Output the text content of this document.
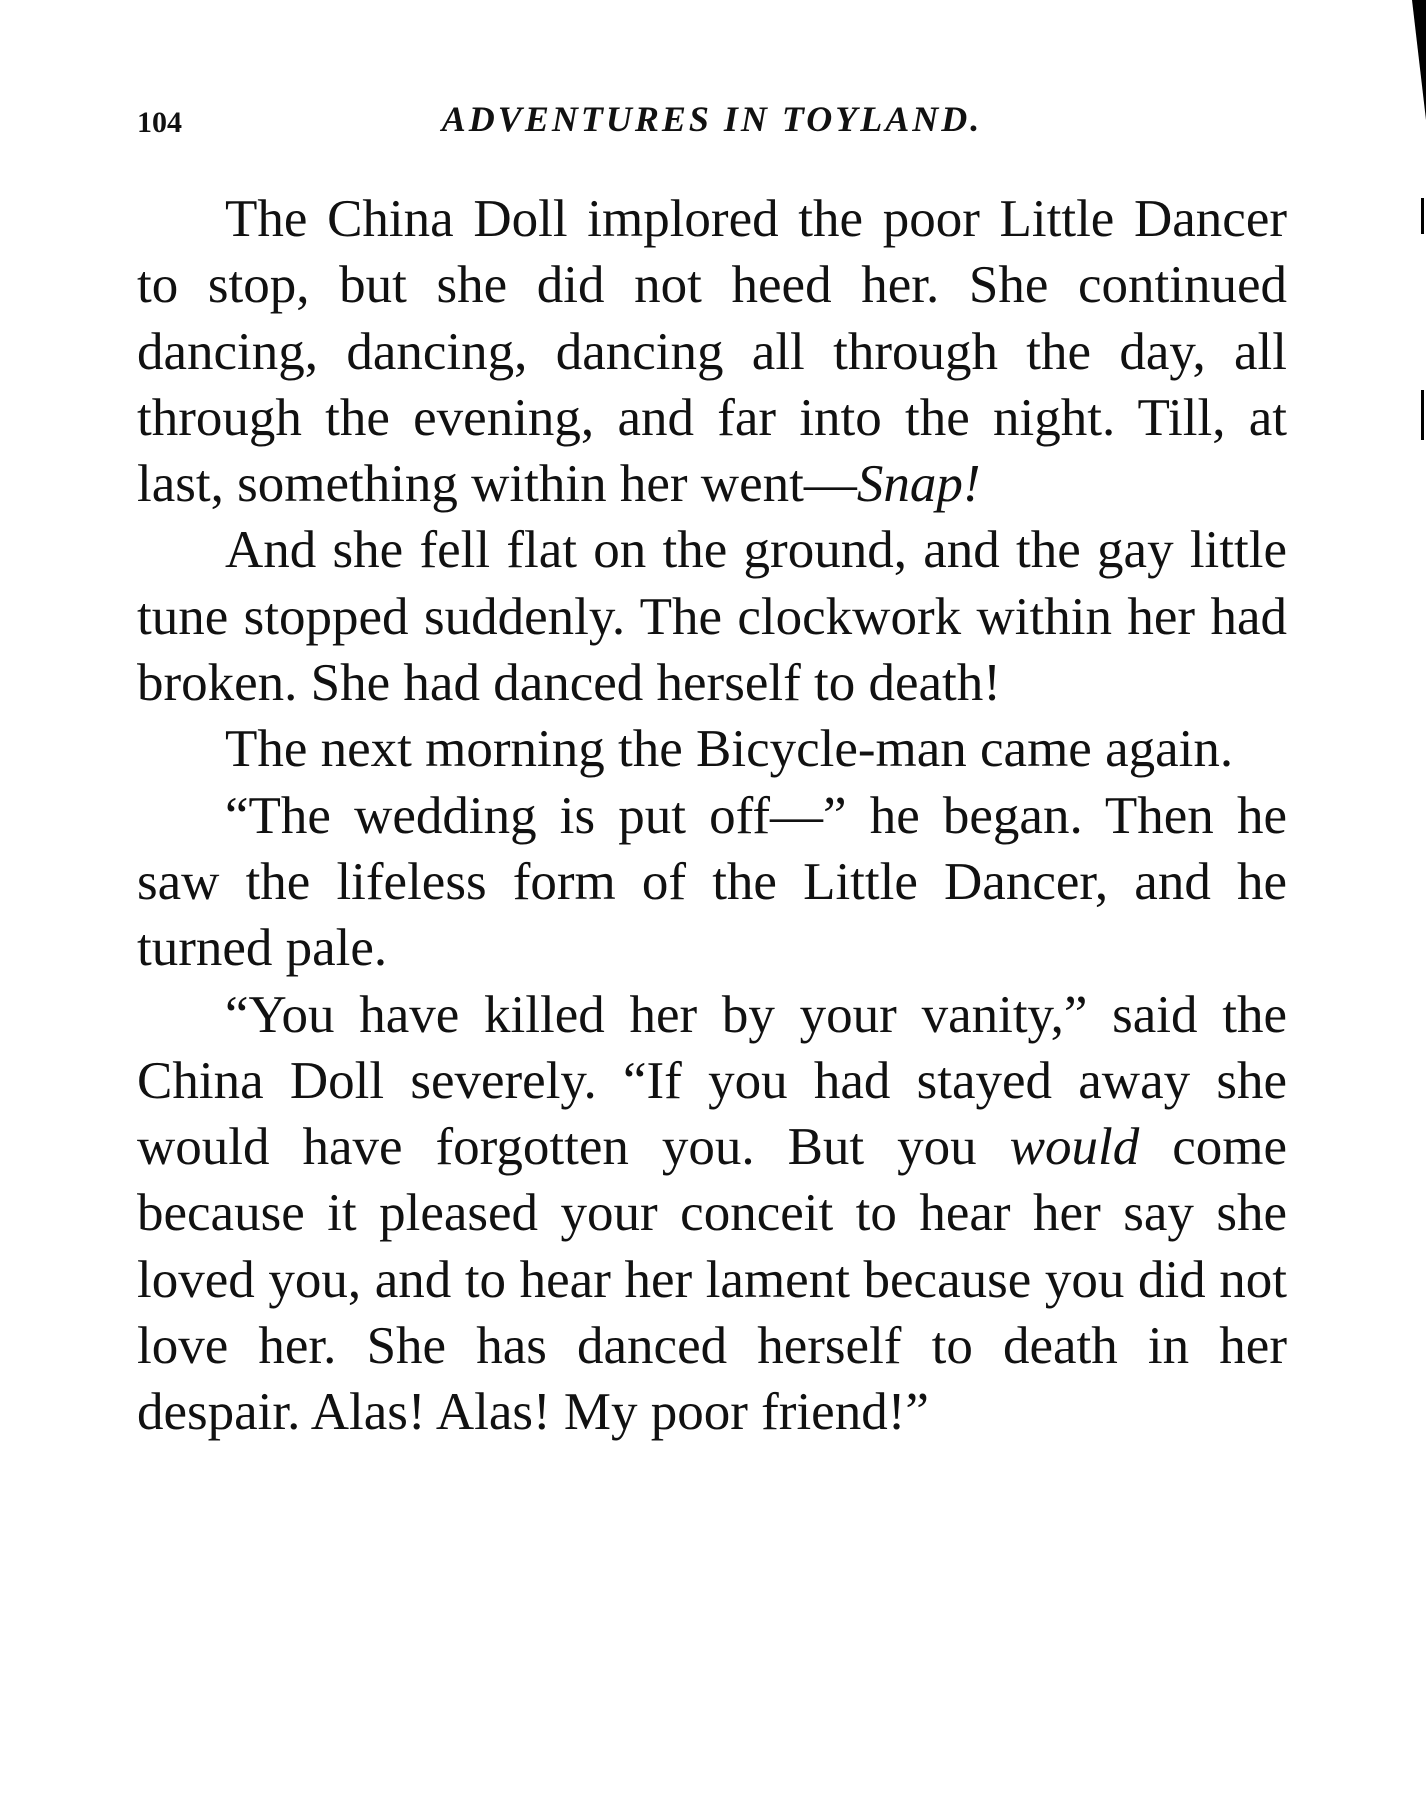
104	ADVENTURES IN TOYLAND.

The China Doll implored the poor Little Dancer to stop, but she did not heed her. She continued dancing, dancing, dancing all through the day, all through the evening, and far into the night. Till, at last, something within her went—Snap!

And she fell flat on the ground, and the gay little tune stopped suddenly. The clockwork within her had broken. She had danced herself to death!

The next morning the Bicycle-man came again.

“The wedding is put off—” he began. Then he saw the lifeless form of the Little Dancer, and he turned pale.

“You have killed her by your vanity,” said the China Doll severely. “If you had stayed away she would have forgotten you. But you would come because it pleased your conceit to hear her say she loved you, and to hear her lament because you did not love her. She has danced herself to death in her despair. Alas! Alas! My poor friend!”
